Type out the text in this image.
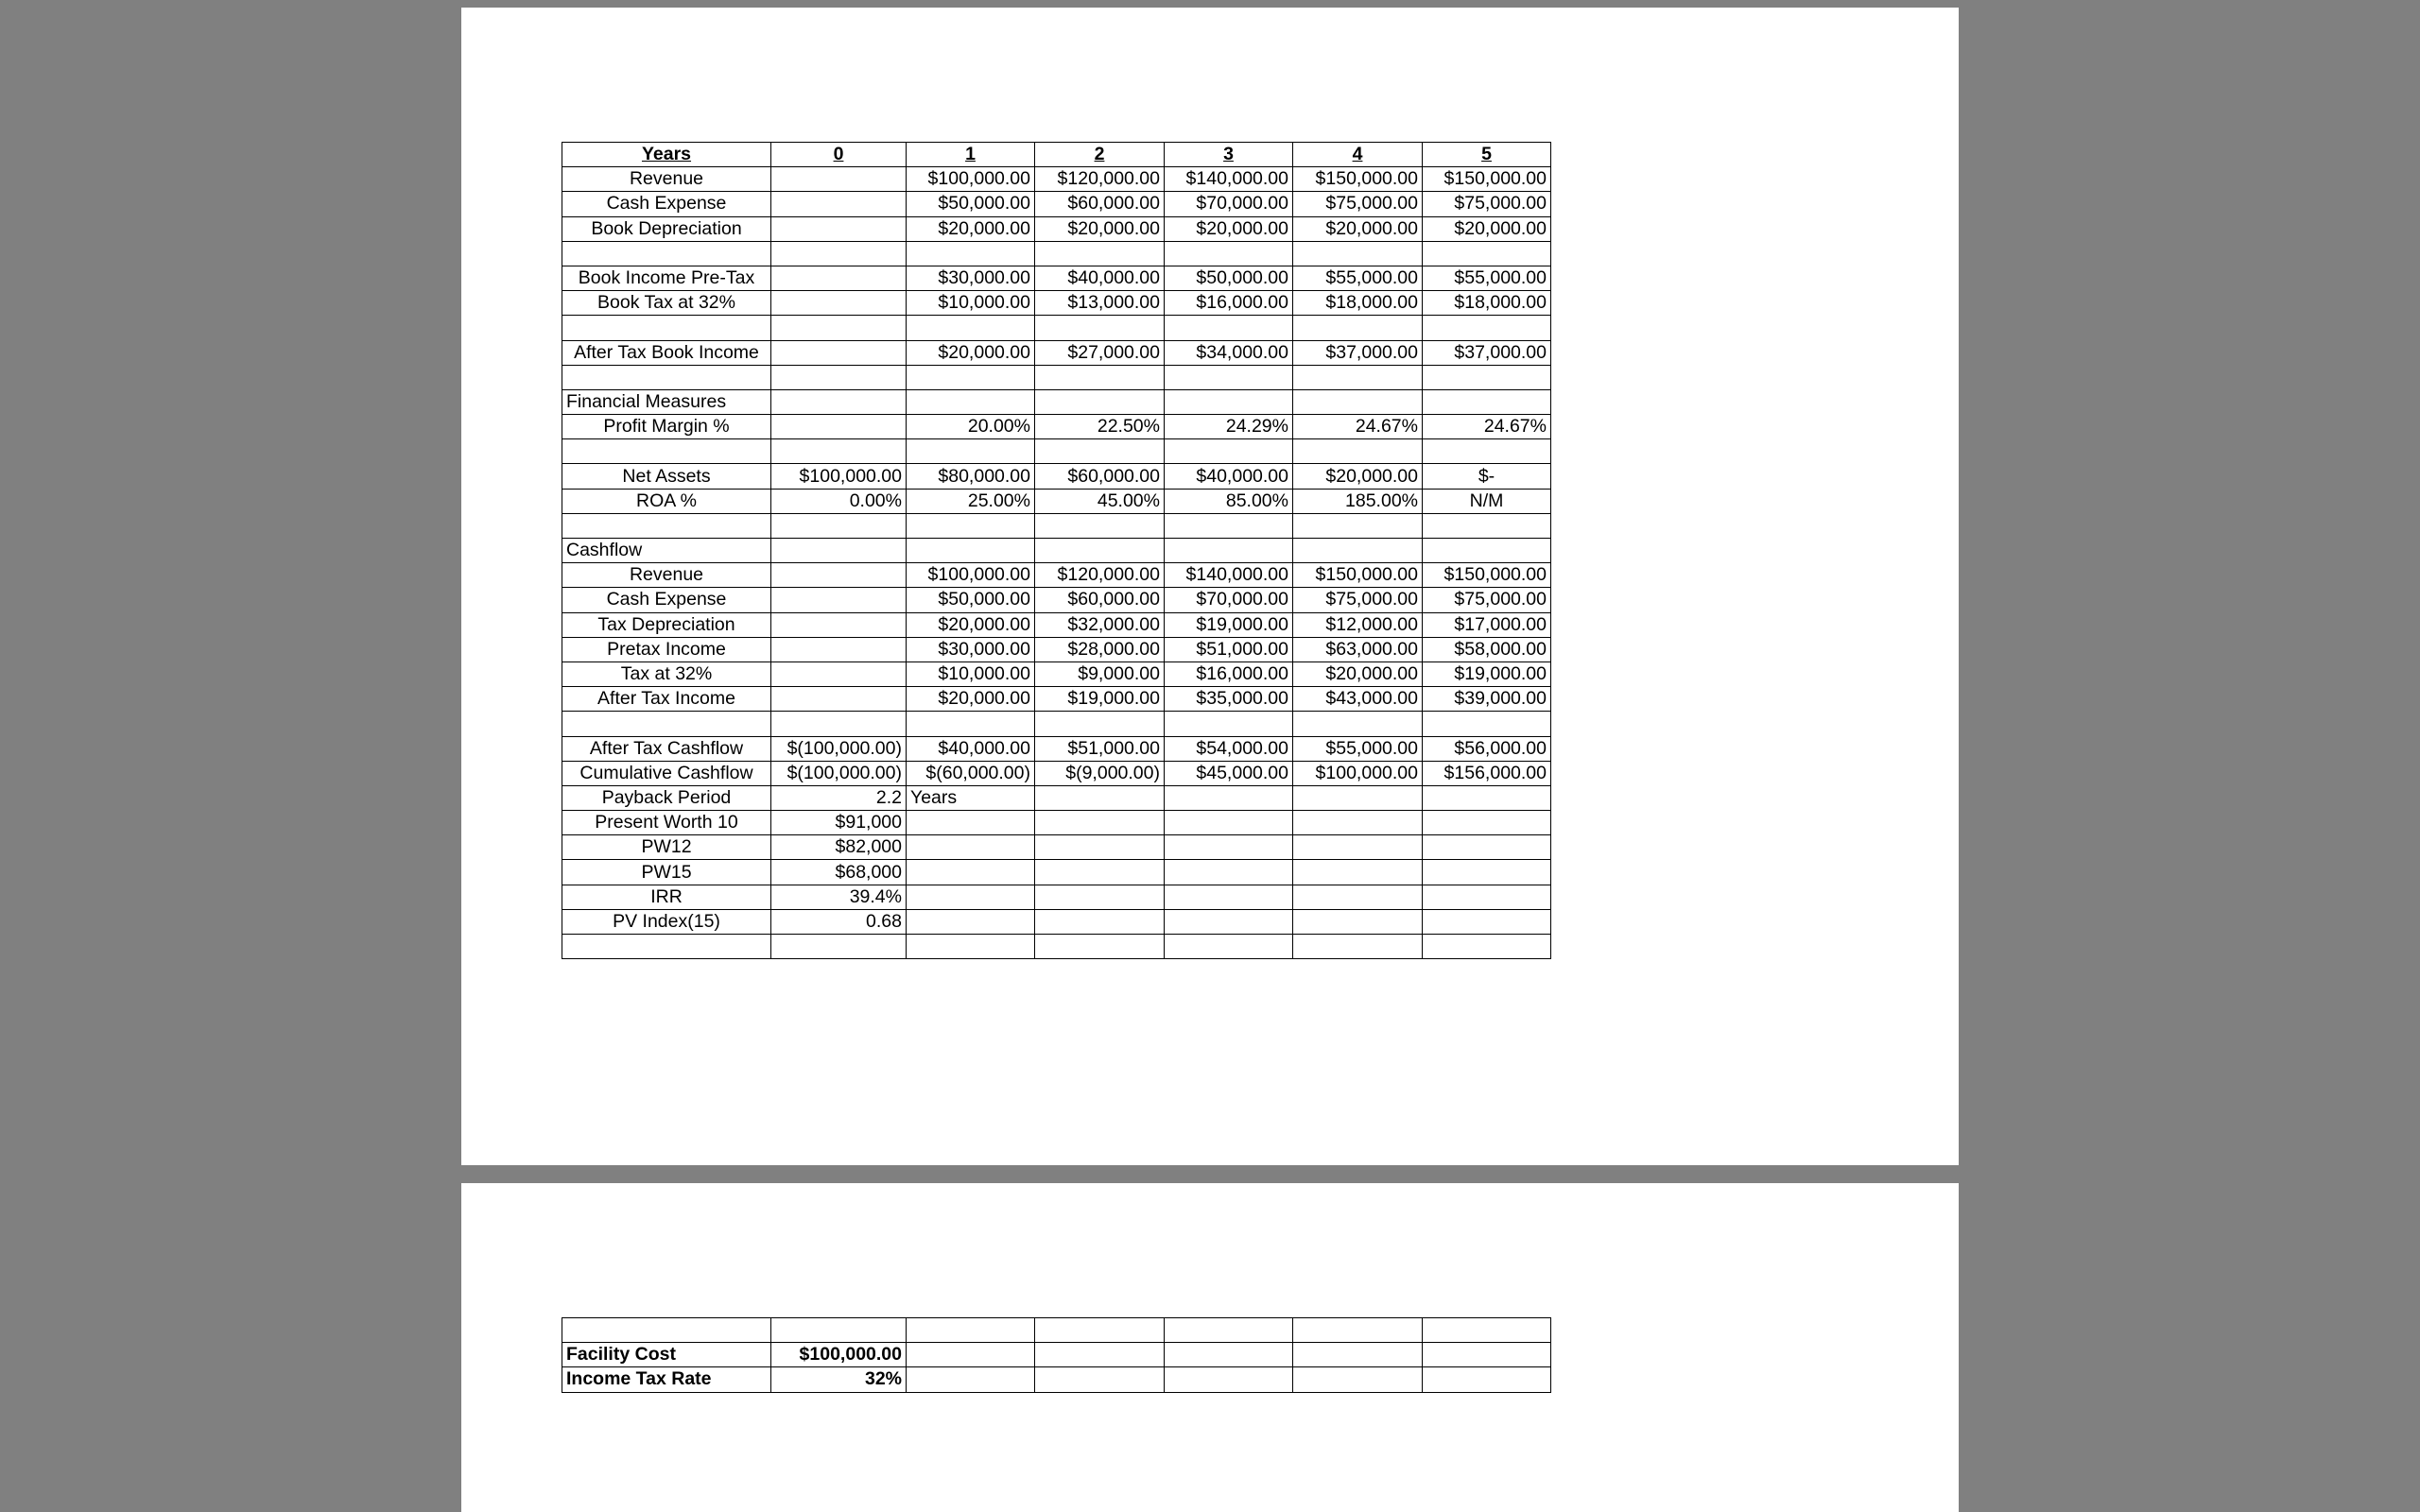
Years	0	1	2	3	4	5
Revenue		$100,000.00	$120,000.00	$140,000.00	$150,000.00	$150,000.00
Cash Expense		$50,000.00	$60,000.00	$70,000.00	$75,000.00	$75,000.00
Book Depreciation		$20,000.00	$20,000.00	$20,000.00	$20,000.00	$20,000.00

Book Income Pre-Tax		$30,000.00	$40,000.00	$50,000.00	$55,000.00	$55,000.00
Book Tax at 32%		$10,000.00	$13,000.00	$16,000.00	$18,000.00	$18,000.00

After Tax Book Income		$20,000.00	$27,000.00	$34,000.00	$37,000.00	$37,000.00

Financial Measures						
Profit Margin %		20.00%	22.50%	24.29%	24.67%	24.67%

Net Assets	$100,000.00	$80,000.00	$60,000.00	$40,000.00	$20,000.00	$-
ROA %	0.00%	25.00%	45.00%	85.00%	185.00%	N/M

Cashflow						
Revenue		$100,000.00	$120,000.00	$140,000.00	$150,000.00	$150,000.00
Cash Expense		$50,000.00	$60,000.00	$70,000.00	$75,000.00	$75,000.00
Tax Depreciation		$20,000.00	$32,000.00	$19,000.00	$12,000.00	$17,000.00
Pretax Income		$30,000.00	$28,000.00	$51,000.00	$63,000.00	$58,000.00
Tax at 32%		$10,000.00	$9,000.00	$16,000.00	$20,000.00	$19,000.00
After Tax Income		$20,000.00	$19,000.00	$35,000.00	$43,000.00	$39,000.00

After Tax Cashflow	$(100,000.00)	$40,000.00	$51,000.00	$54,000.00	$55,000.00	$56,000.00
Cumulative Cashflow	$(100,000.00)	$(60,000.00)	$(9,000.00)	$45,000.00	$100,000.00	$156,000.00
Payback Period	2.2	Years				
Present Worth 10	$91,000					
PW12	$82,000					
PW15	$68,000					
IRR	39.4%					
PV Index(15)	0.68					

Facility Cost	$100,000.00					
Income Tax Rate	32%					
